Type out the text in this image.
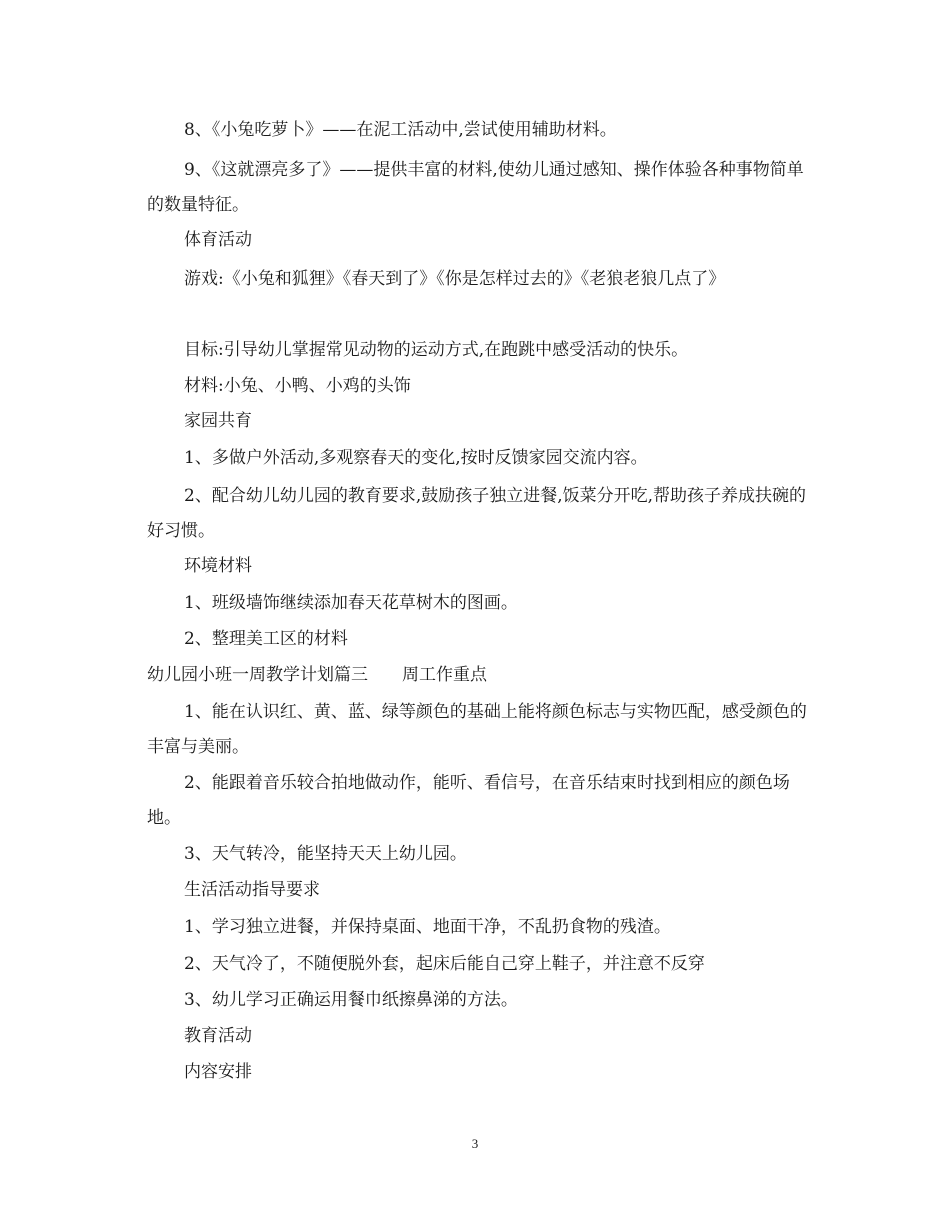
8、《小兔吃萝卜》——在泥工活动中,尝试使用辅助材料。

9、《这就漂亮多了》——提供丰富的材料,使幼儿通过感知、操作体验各种事物简单的数量特征。

体育活动

游戏:《小兔和狐狸》《春天到了》《你是怎样过去的》《老狼老狼几点了》

目标:引导幼儿掌握常见动物的运动方式,在跑跳中感受活动的快乐。

材料:小兔、小鸭、小鸡的头饰

家园共育

1、多做户外活动,多观察春天的变化,按时反馈家园交流内容。

2、配合幼儿幼儿园的教育要求,鼓励孩子独立进餐,饭菜分开吃,帮助孩子养成扶碗的好习惯。

环境材料

1、班级墙饰继续添加春天花草树木的图画。

2、整理美工区的材料

幼儿园小班一周教学计划篇三　　周工作重点

1、能在认识红、黄、蓝、绿等颜色的基础上能将颜色标志与实物匹配，感受颜色的丰富与美丽。

2、能跟着音乐较合拍地做动作，能听、看信号，在音乐结束时找到相应的颜色场地。

3、天气转冷，能坚持天天上幼儿园。

生活活动指导要求

1、学习独立进餐，并保持桌面、地面干净，不乱扔食物的残渣。

2、天气冷了，不随便脱外套，起床后能自己穿上鞋子，并注意不反穿

3、幼儿学习正确运用餐巾纸擦鼻涕的方法。

教育活动

内容安排

3
